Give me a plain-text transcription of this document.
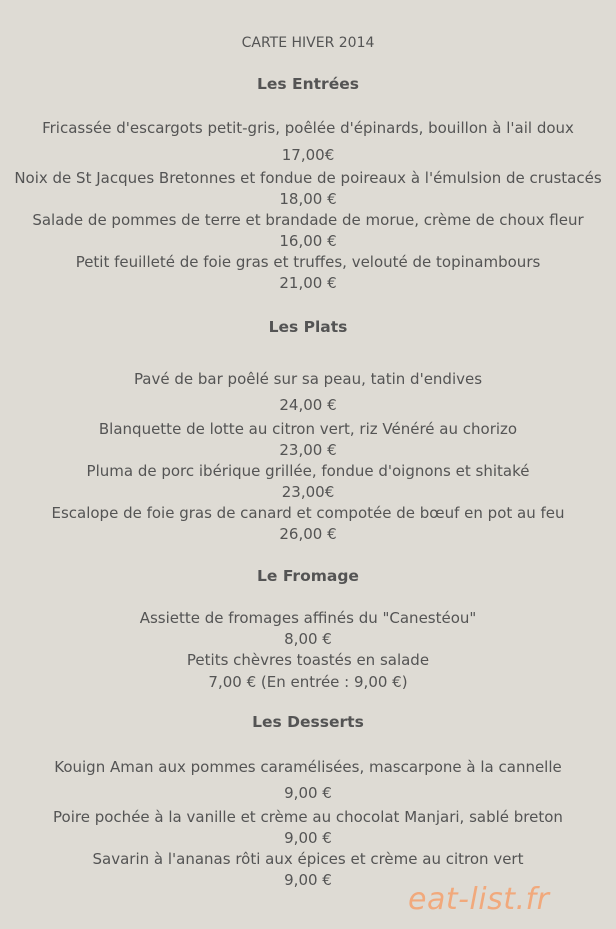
CARTE HIVER 2014
Les Entrées
Fricassée d'escargots petit-gris, poêlée d'épinards, bouillon à l'ail doux
17,00€
Noix de St Jacques Bretonnes et fondue de poireaux à l'émulsion de crustacés
18,00 €
Salade de pommes de terre et brandade de morue, crème de choux fleur
16,00 €
Petit feuilleté de foie gras et truffes, velouté de topinambours
21,00 €
Les Plats
Pavé de bar poêlé sur sa peau, tatin d'endives
24,00 €
Blanquette de lotte au citron vert, riz Vénéré au chorizo
23,00 €
Pluma de porc ibérique grillée, fondue d'oignons et shitaké
23,00€
Escalope de foie gras de canard et compotée de bœuf en pot au feu
26,00 €
Le Fromage
Assiette de fromages affinés du "Canestéou"
8,00 €
Petits chèvres toastés en salade
7,00 € (En entrée : 9,00 €)
Les Desserts
Kouign Aman aux pommes caramélisées, mascarpone à la cannelle
9,00 €
Poire pochée à la vanille et crème au chocolat Manjari, sablé breton
9,00 €
Savarin à l'ananas rôti aux épices et crème au citron vert
9,00 €
eat-list.fr
